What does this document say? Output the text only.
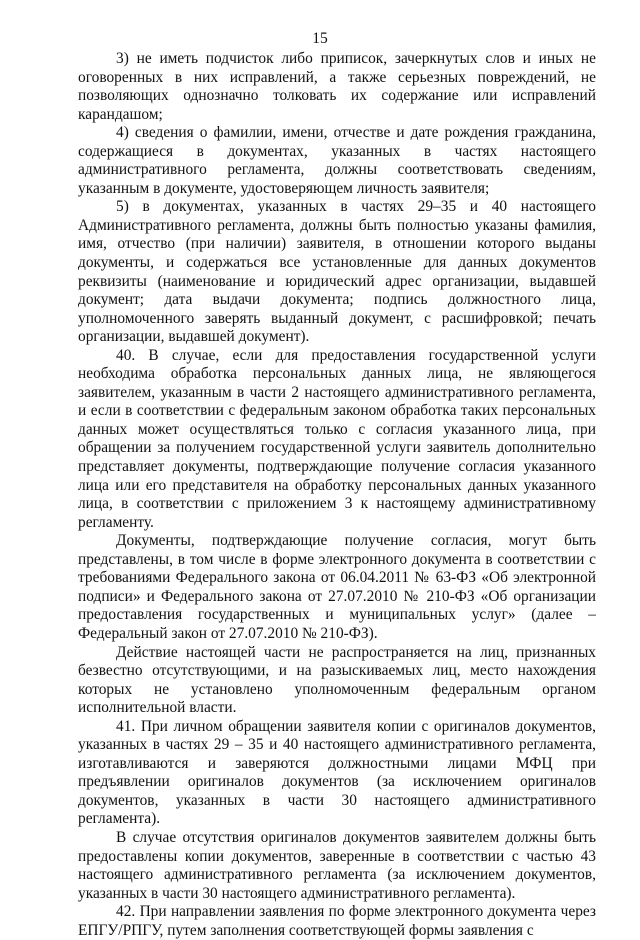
15

3) не иметь подчисток либо приписок, зачеркнутых слов и иных не оговоренных в них исправлений, а также серьезных повреждений, не позволяющих однозначно толковать их содержание или исправлений карандашом;

4) сведения о фамилии, имени, отчестве и дате рождения гражданина, содержащиеся в документах, указанных в частях настоящего административного регламента, должны соответствовать сведениям, указанным в документе, удостоверяющем личность заявителя;

5) в документах, указанных в частях 29–35 и 40 настоящего Административного регламента, должны быть полностью указаны фамилия, имя, отчество (при наличии) заявителя, в отношении которого выданы документы, и содержаться все установленные для данных документов реквизиты (наименование и юридический адрес организации, выдавшей документ; дата выдачи документа; подпись должностного лица, уполномоченного заверять выданный документ, с расшифровкой; печать организации, выдавшей документ).

40. В случае, если для предоставления государственной услуги необходима обработка персональных данных лица, не являющегося заявителем, указанным в части 2 настоящего административного регламента, и если в соответствии с федеральным законом обработка таких персональных данных может осуществляться только с согласия указанного лица, при обращении за получением государственной услуги заявитель дополнительно представляет документы, подтверждающие получение согласия указанного лица или его представителя на обработку персональных данных указанного лица, в соответствии с приложением 3 к настоящему административному регламенту.

Документы, подтверждающие получение согласия, могут быть представлены, в том числе в форме электронного документа в соответствии с требованиями Федерального закона от 06.04.2011 № 63-ФЗ «Об электронной подписи» и Федерального закона от 27.07.2010 № 210-ФЗ «Об организации предоставления государственных и муниципальных услуг» (далее – Федеральный закон от 27.07.2010 № 210-ФЗ).

Действие настоящей части не распространяется на лиц, признанных безвестно отсутствующими, и на разыскиваемых лиц, место нахождения которых не установлено уполномоченным федеральным органом исполнительной власти.

41. При личном обращении заявителя копии с оригиналов документов, указанных в частях 29 – 35 и 40 настоящего административного регламента, изготавливаются и заверяются должностными лицами МФЦ при предъявлении оригиналов документов (за исключением оригиналов документов, указанных в части 30 настоящего административного регламента).

В случае отсутствия оригиналов документов заявителем должны быть предоставлены копии документов, заверенные в соответствии с частью 43 настоящего административного регламента (за исключением документов, указанных в части 30 настоящего административного регламента).

42. При направлении заявления по форме электронного документа через ЕПГУ/РПГУ, путем заполнения соответствующей формы заявления с
